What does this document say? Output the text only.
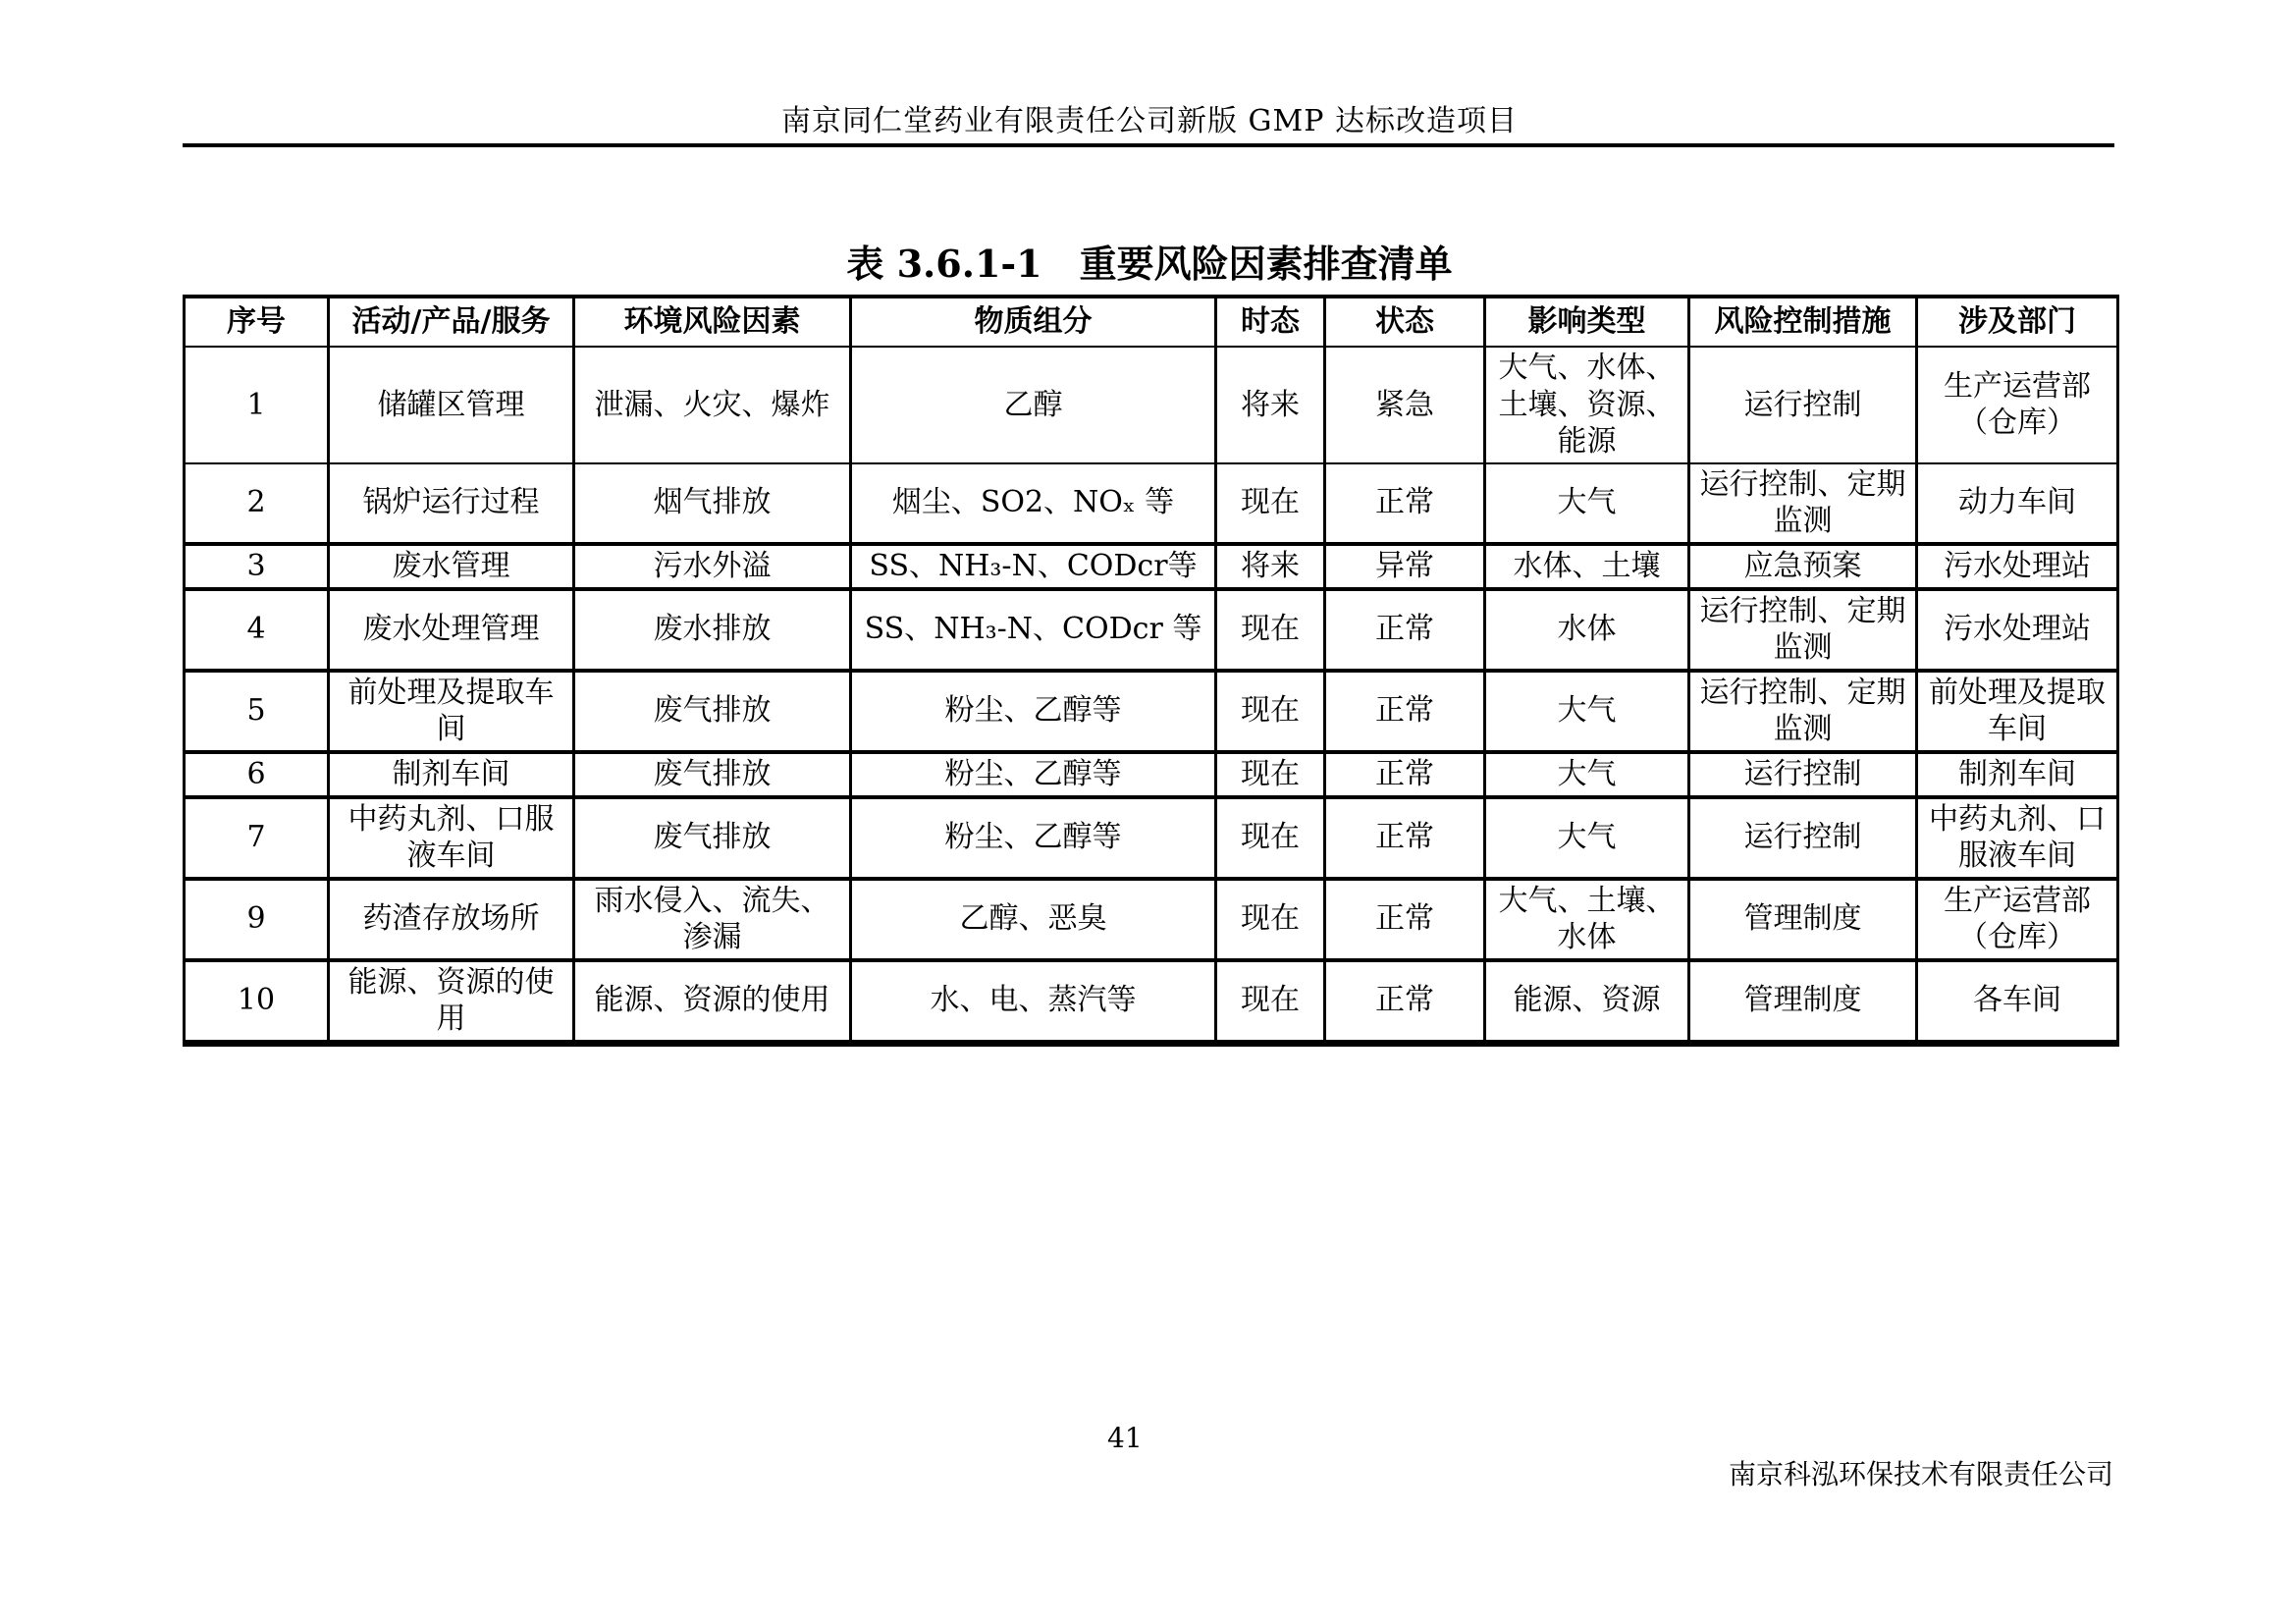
南京同仁堂药业有限责任公司新版 GMP 达标改造项目
表 3.6.1-1　重要风险因素排查清单
序号	活动/产品/服务	环境风险因素	物质组分	时态	状态	影响类型	风险控制措施	涉及部门
1	储罐区管理	泄漏、火灾、爆炸	乙醇	将来	紧急	大气、水体、土壤、资源、能源	运行控制	生产运营部（仓库）
2	锅炉运行过程	烟气排放	烟尘、SO2、NOₓ 等	现在	正常	大气	运行控制、定期监测	动力车间
3	废水管理	污水外溢	SS、NH₃-N、CODcr等	将来	异常	水体、土壤	应急预案	污水处理站
4	废水处理管理	废水排放	SS、NH₃-N、CODcr 等	现在	正常	水体	运行控制、定期监测	污水处理站
5	前处理及提取车间	废气排放	粉尘、乙醇等	现在	正常	大气	运行控制、定期监测	前处理及提取车间
6	制剂车间	废气排放	粉尘、乙醇等	现在	正常	大气	运行控制	制剂车间
7	中药丸剂、口服液车间	废气排放	粉尘、乙醇等	现在	正常	大气	运行控制	中药丸剂、口服液车间
9	药渣存放场所	雨水侵入、流失、渗漏	乙醇、恶臭	现在	正常	大气、土壤、水体	管理制度	生产运营部（仓库）
10	能源、资源的使用	能源、资源的使用	水、电、蒸汽等	现在	正常	能源、资源	管理制度	各车间
41
南京科泓环保技术有限责任公司
